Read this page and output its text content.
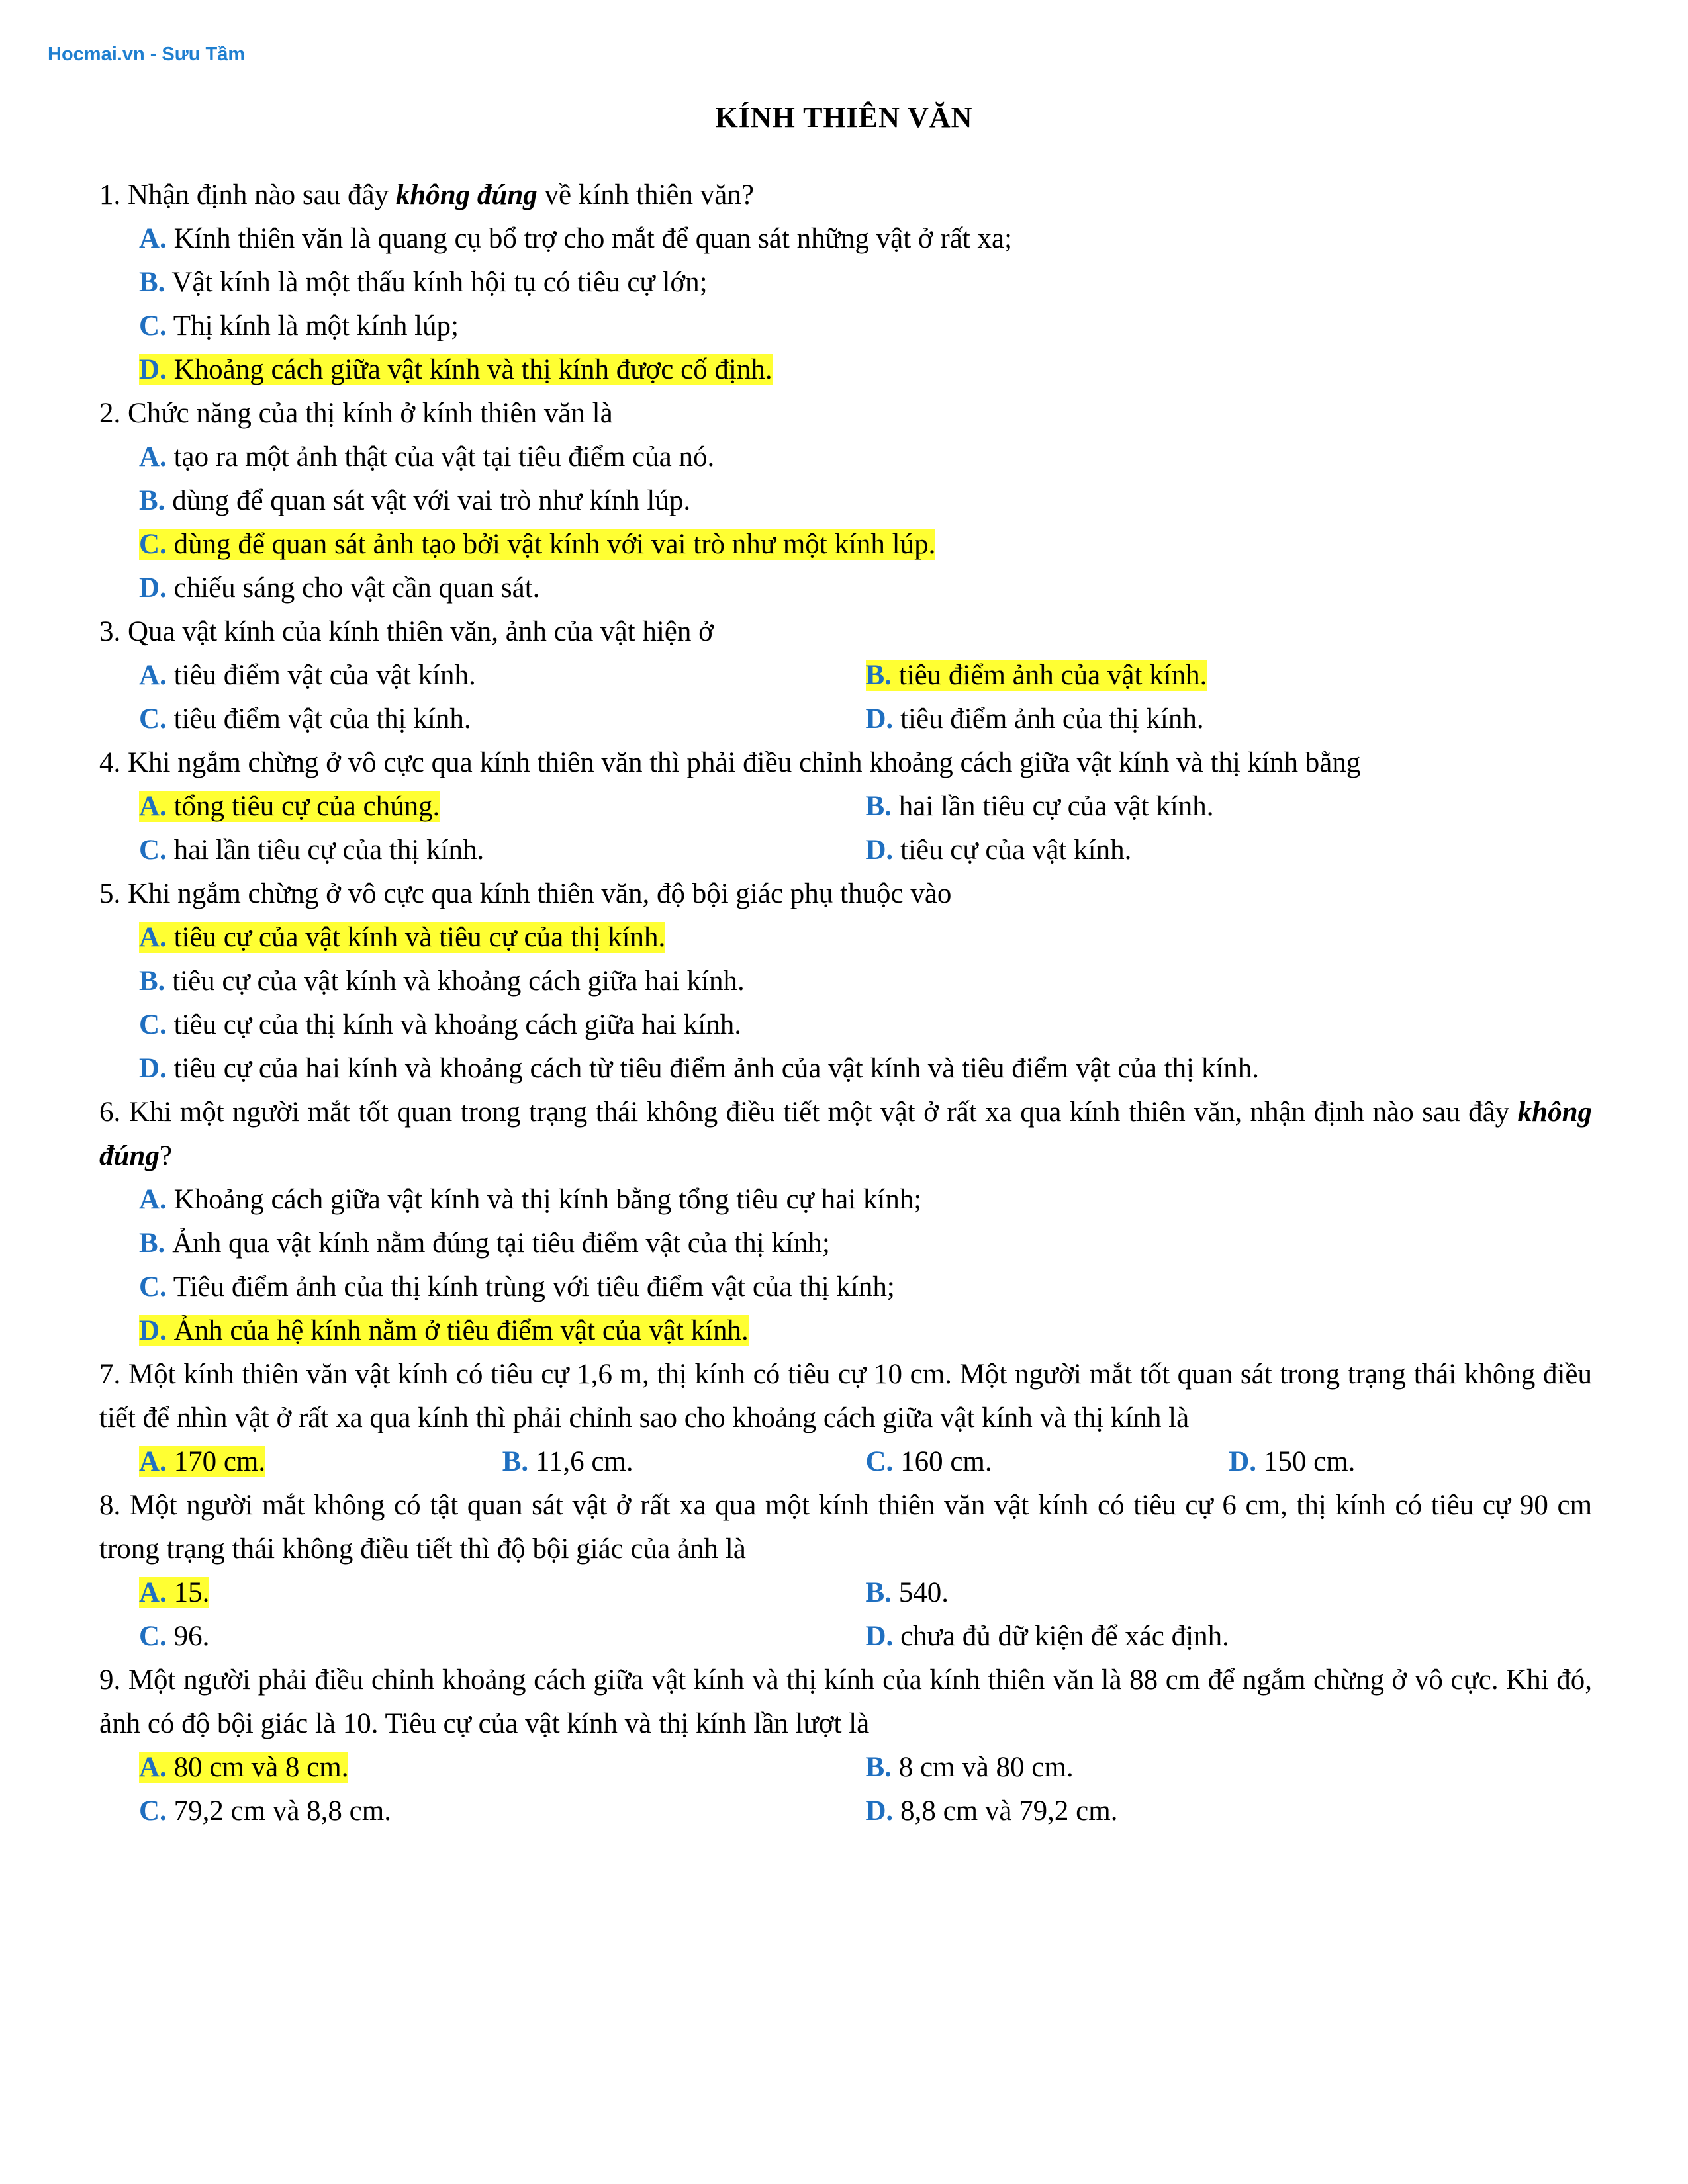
Hocmai.vn - Sưu Tầm
KÍNH THIÊN VĂN
1. Nhận định nào sau đây không đúng về kính thiên văn?
A. Kính thiên văn là quang cụ bổ trợ cho mắt để quan sát những vật ở rất xa;
B. Vật kính là một thấu kính hội tụ có tiêu cự lớn;
C. Thị kính là một kính lúp;
D. Khoảng cách giữa vật kính và thị kính được cố định.
2. Chức năng của thị kính ở kính thiên văn là
A. tạo ra một ảnh thật của vật tại tiêu điểm của nó.
B. dùng để quan sát vật với vai trò như kính lúp.
C. dùng để quan sát ảnh tạo bởi vật kính với vai trò như một kính lúp.
D. chiếu sáng cho vật cần quan sát.
3. Qua vật kính của kính thiên văn, ảnh của vật hiện ở
A. tiêu điểm vật của vật kính.	B. tiêu điểm ảnh của vật kính.
C. tiêu điểm vật của thị kính.	D. tiêu điểm ảnh của thị kính.
4. Khi ngắm chừng ở vô cực qua kính thiên văn thì phải điều chỉnh khoảng cách giữa vật kính và thị kính bằng
A. tổng tiêu cự của chúng.	B. hai lần tiêu cự của vật kính.
C. hai lần tiêu cự của thị kính.	D. tiêu cự của vật kính.
5. Khi ngắm chừng ở vô cực qua kính thiên văn, độ bội giác phụ thuộc vào
A. tiêu cự của vật kính và tiêu cự của thị kính.
B. tiêu cự của vật kính và khoảng cách giữa hai kính.
C. tiêu cự của thị kính và khoảng cách giữa hai kính.
D. tiêu cự của hai kính và khoảng cách từ tiêu điểm ảnh của vật kính và tiêu điểm vật của thị kính.
6. Khi một người mắt tốt quan trong trạng thái không điều tiết một vật ở rất xa qua kính thiên văn, nhận định nào sau đây không đúng?
A. Khoảng cách giữa vật kính và thị kính bằng tổng tiêu cự hai kính;
B. Ảnh qua vật kính nằm đúng tại tiêu điểm vật của thị kính;
C. Tiêu điểm ảnh của thị kính trùng với tiêu điểm vật của thị kính;
D. Ảnh của hệ kính nằm ở tiêu điểm vật của vật kính.
7. Một kính thiên văn vật kính có tiêu cự 1,6 m, thị kính có tiêu cự 10 cm. Một người mắt tốt quan sát trong trạng thái không điều tiết để nhìn vật ở rất xa qua kính thì phải chỉnh sao cho khoảng cách giữa vật kính và thị kính là
A. 170 cm.	B. 11,6 cm.	C. 160 cm.	D. 150 cm.
8. Một người mắt không có tật quan sát vật ở rất xa qua một kính thiên văn vật kính có tiêu cự 6 cm, thị kính có tiêu cự 90 cm trong trạng thái không điều tiết thì độ bội giác của ảnh là
A. 15.	B. 540.
C. 96.	D. chưa đủ dữ kiện để xác định.
9. Một người phải điều chỉnh khoảng cách giữa vật kính và thị kính của kính thiên văn là 88 cm để ngắm chừng ở vô cực. Khi đó, ảnh có độ bội giác là 10. Tiêu cự của vật kính và thị kính lần lượt là
A. 80 cm và 8 cm.	B. 8 cm và 80 cm.
C. 79,2 cm và 8,8 cm.	D. 8,8 cm và 79,2 cm.
